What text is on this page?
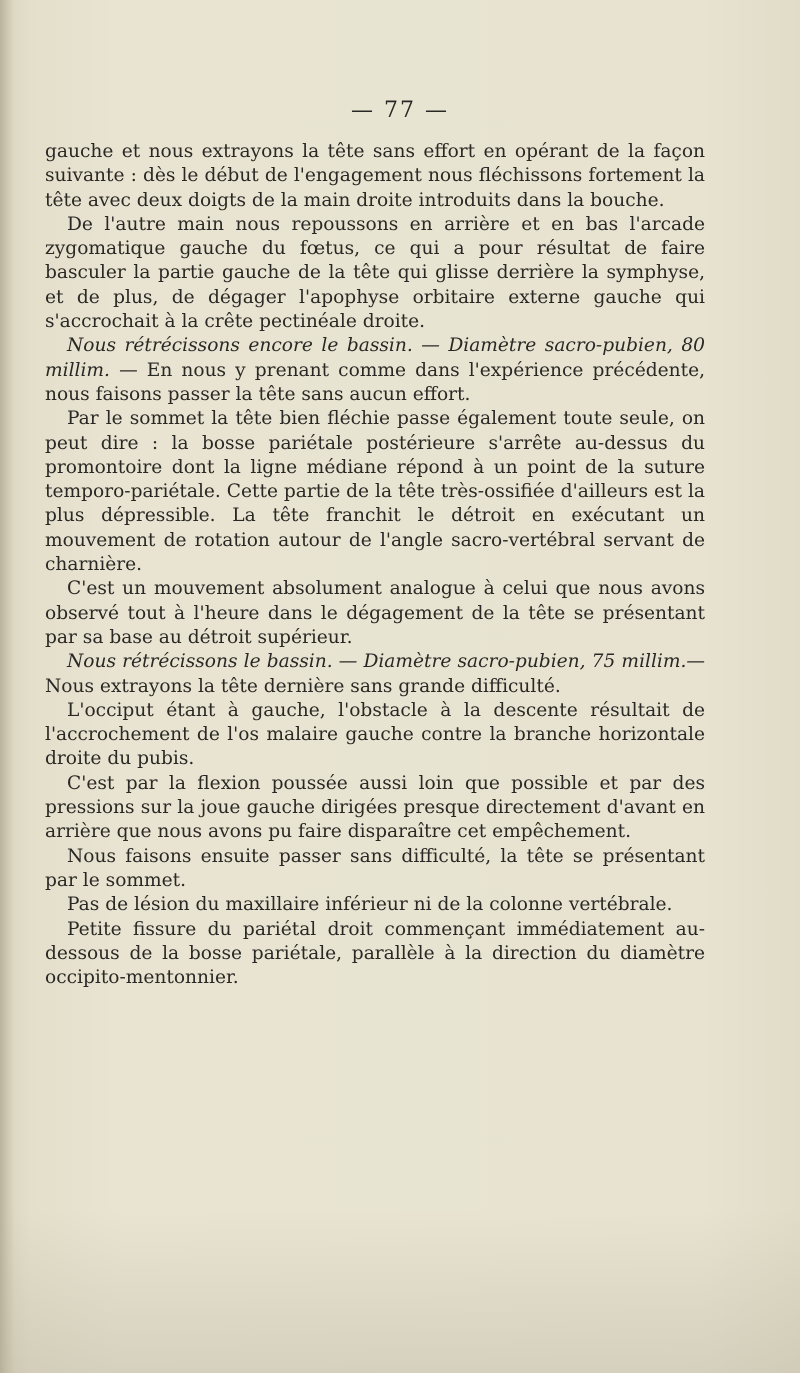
— 77 —

gauche et nous extrayons la tête sans effort en opérant de la façon suivante : dès le début de l'engagement nous fléchissons fortement la tête avec deux doigts de la main droite introduits dans la bouche.

De l'autre main nous repoussons en arrière et en bas l'arcade zygomatique gauche du fœtus, ce qui a pour résultat de faire basculer la partie gauche de la tête qui glisse derrière la symphyse, et de plus, de dégager l'apophyse orbitaire externe gauche qui s'accrochait à la crête pectinéale droite.

Nous rétrécissons encore le bassin. — Diamètre sacro-pubien, 80 millim. — En nous y prenant comme dans l'expérience précédente, nous faisons passer la tête sans aucun effort.

Par le sommet la tête bien fléchie passe également toute seule, on peut dire : la bosse pariétale postérieure s'arrête au-dessus du promontoire dont la ligne médiane répond à un point de la suture temporo-pariétale. Cette partie de la tête très-ossifiée d'ailleurs est la plus dépressible. La tête franchit le détroit en exécutant un mouvement de rotation autour de l'angle sacro-vertébral servant de charnière.

C'est un mouvement absolument analogue à celui que nous avons observé tout à l'heure dans le dégagement de la tête se présentant par sa base au détroit supérieur.

Nous rétrécissons le bassin. — Diamètre sacro-pubien, 75 millim.— Nous extrayons la tête dernière sans grande difficulté.

L'occiput étant à gauche, l'obstacle à la descente résultait de l'accrochement de l'os malaire gauche contre la branche horizontale droite du pubis.

C'est par la flexion poussée aussi loin que possible et par des pressions sur la joue gauche dirigées presque directement d'avant en arrière que nous avons pu faire disparaître cet empêchement.

Nous faisons ensuite passer sans difficulté, la tête se présentant par le sommet.

Pas de lésion du maxillaire inférieur ni de la colonne vertébrale.

Petite fissure du pariétal droit commençant immédiatement au-dessous de la bosse pariétale, parallèle à la direction du diamètre occipito-mentonnier.
